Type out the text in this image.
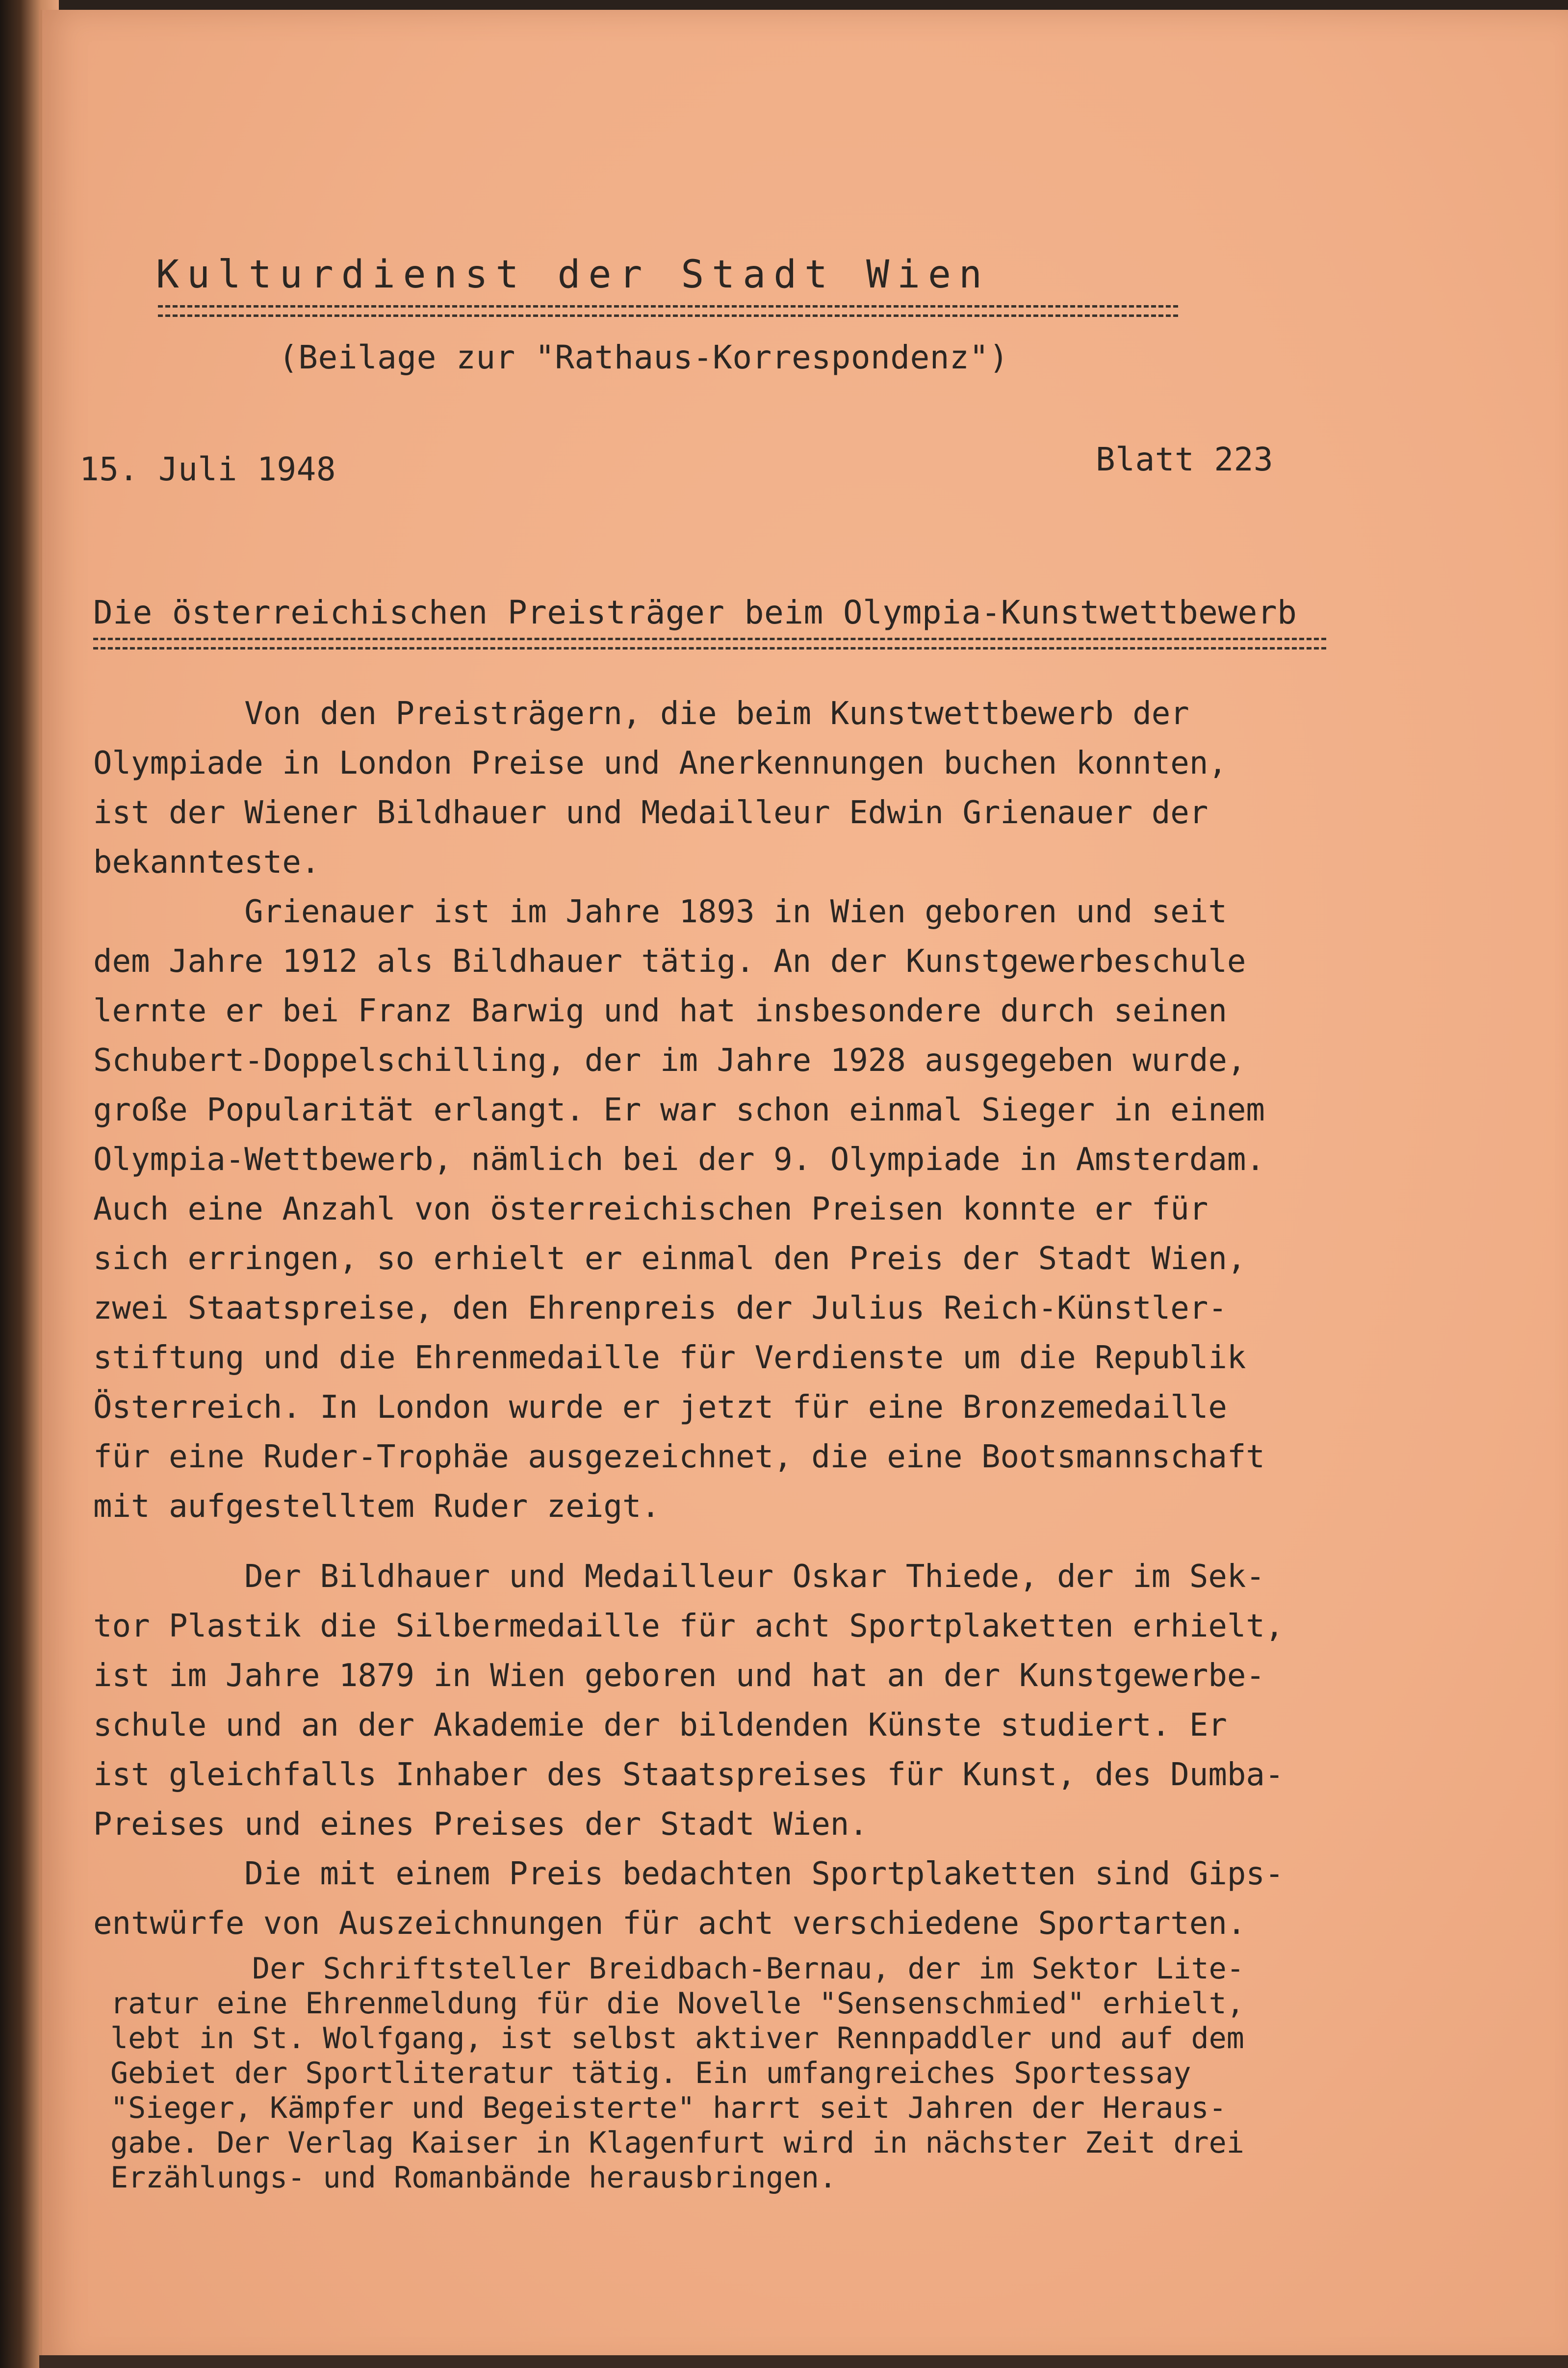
Kulturdienst der Stadt Wien
(Beilage zur "Rathaus-Korrespondenz")
15. Juli 1948	Blatt 223
Die österreichischen Preisträger beim Olympia-Kunstwettbewerb
Von den Preisträgern, die beim Kunstwettbewerb der
Olympiade in London Preise und Anerkennungen buchen konnten,
ist der Wiener Bildhauer und Medailleur Edwin Grienauer der
bekannteste.
Grienauer ist im Jahre 1893 in Wien geboren und seit
dem Jahre 1912 als Bildhauer tätig. An der Kunstgewerbeschule
lernte er bei Franz Barwig und hat insbesondere durch seinen
Schubert-Doppelschilling, der im Jahre 1928 ausgegeben wurde,
große Popularität erlangt. Er war schon einmal Sieger in einem
Olympia-Wettbewerb, nämlich bei der 9. Olympiade in Amsterdam.
Auch eine Anzahl von österreichischen Preisen konnte er für
sich erringen, so erhielt er einmal den Preis der Stadt Wien,
zwei Staatspreise, den Ehrenpreis der Julius Reich-Künstler-
stiftung und die Ehrenmedaille für Verdienste um die Republik
Österreich. In London wurde er jetzt für eine Bronzemedaille
für eine Ruder-Trophäe ausgezeichnet, die eine Bootsmannschaft
mit aufgestelltem Ruder zeigt.
Der Bildhauer und Medailleur Oskar Thiede, der im Sek-
tor Plastik die Silbermedaille für acht Sportplaketten erhielt,
ist im Jahre 1879 in Wien geboren und hat an der Kunstgewerbe-
schule und an der Akademie der bildenden Künste studiert. Er
ist gleichfalls Inhaber des Staatspreises für Kunst, des Dumba-
Preises und eines Preises der Stadt Wien.
Die mit einem Preis bedachten Sportplaketten sind Gips-
entwürfe von Auszeichnungen für acht verschiedene Sportarten.
Der Schriftsteller Breidbach-Bernau, der im Sektor Lite-
ratur eine Ehrenmeldung für die Novelle "Sensenschmied" erhielt,
lebt in St. Wolfgang, ist selbst aktiver Rennpaddler und auf dem
Gebiet der Sportliteratur tätig. Ein umfangreiches Sportessay
"Sieger, Kämpfer und Begeisterte" harrt seit Jahren der Heraus-
gabe. Der Verlag Kaiser in Klagenfurt wird in nächster Zeit drei
Erzählungs- und Romanbände herausbringen.
